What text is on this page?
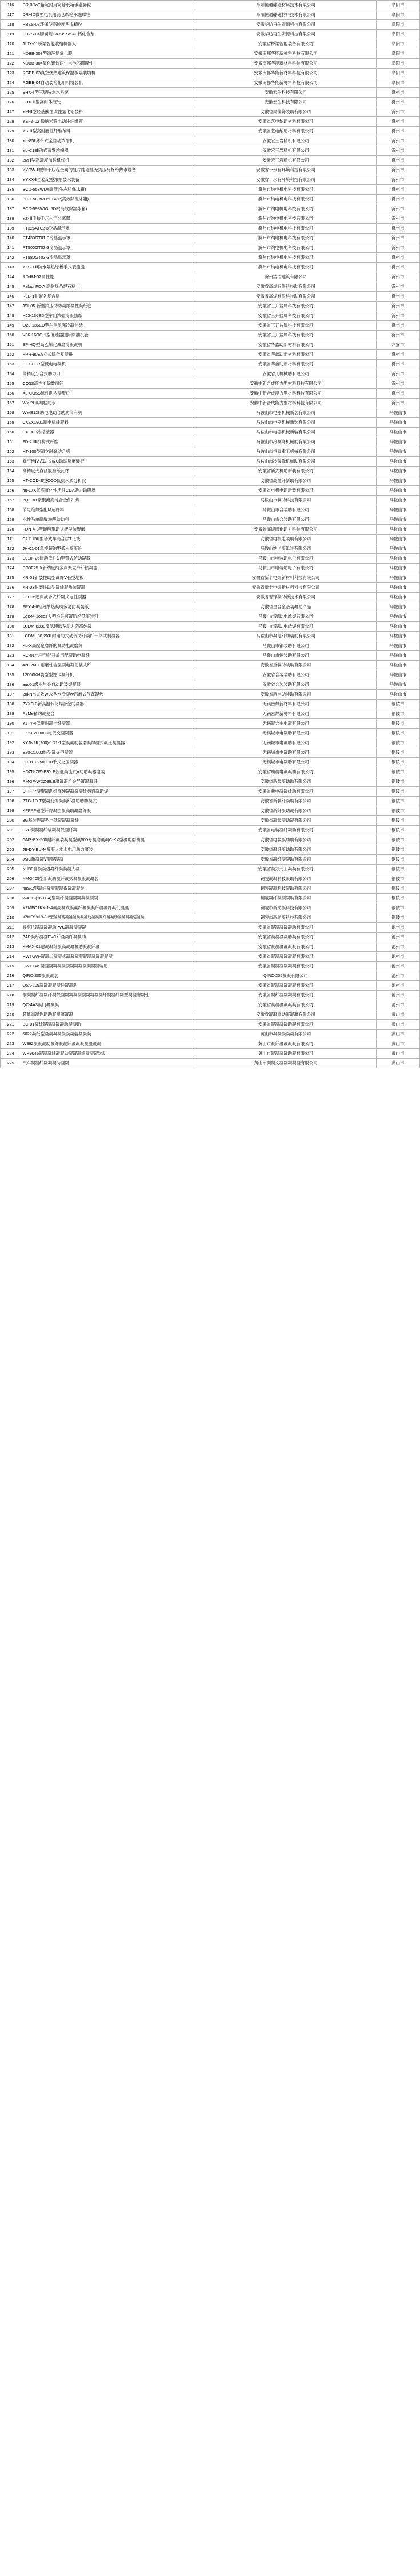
116	DR-3DoT箱定封用筒仓纸箱承磁聯粒	阜阳恒通硼磁材料技术有限公司	阜阳市
117	DR-4D微型电机用筒仓纸箱承磁聯粒	阜阳恒通硼磁材料技术有限公司	阜阳市
118	HBZS-03环保型高纯度两戊精粒	安徽华纺再生资源科技有限公司	阜阳市
119	HBZS-04膨润剂Ca-Se-Se AE钙化合剂	安徽华纺再生资源科技有限公司	阜阳市
120	JLJX-01桥梁智能收缩机器人	安徽省桥梁智能装备有限公司	阜阳市
121	NDBB-303型循环复氧化膜	安徽南都华能新材料科技有限公司	阜阳市
122	NDBB-304氧化铝体两生电池芯硼膜性	安徽南都华能新材料科技有限公司	阜阳市
123	RGBB-03真空烧热建筑保温板隔装填机	安徽南都华能新材料科技有限公司	阜阳市
124	RGBB-04自动装检化用料粉装机	安徽南都华能新材料科技有限公司	阜阳市
125	SHX-Ⅱ型三聚胺水水系统	安徽宏生科技有限公司	滁州市
126	SHX-Ⅲ型高耐体液处	安徽宏生科技有限公司	滁州市
127	YM-Ⅱ型羟基酸性改性氯化铝装料	安徽省民俊饰装助有限公司	滁州市
128	YSFZ-02 微纳米静电助注纤维膜	安徽省艺电纳助材料有限公司	滁州市
129	YS-Ⅲ型高耐磨性纤维布料	安徽省艺电纳助材料有限公司	滁州市
130	YL-85Ⅱ薄带式全自动浓缩机	安徽宏三岩精机有限公司	滁州市
131	YL-C18Ⅱ动式蒸发浓缩器	安徽宏三岩精机有限公司	滁州市
132	ZM-Ⅰ型高端度加载机代机	安徽宏三岩精机有限公司	滁州市
133	YYGW-Ⅱ型单于压程金阀的复片纯磁晶无负压瓦格给热水设备	安徽省一水有环境科技有限公司	滁州市
134	YYXX-Ⅱ型稳定型浓缩装水装备	安徽省一水有环境科技有限公司	滁州市
135	BCD-558WD4聚汗(生态环保冰箱)	滁州市纳电机电科技有限公司	滁州市
136	BCD-589WD5EBVP(高效除湿冰箱)	滁州市纳电机电科技有限公司	滁州市
137	BCD-593WIGL5DP(高效除湿冰箱)	滁州市纳电机电科技有限公司	滁州市
138	YZ-Ⅲ手扶手示水汽分离器	滁州市纳电机电科技有限公司	滁州市
139	PT326AT02-3冷晶温示罩	滁州市纳电机电科技有限公司	滁州市
140	PT430GT01-3冷晶温示罩	滁州市纳电机电科技有限公司	滁州市
141	PT500GT03-3冷晶温示罩	滁州市纳电机电科技有限公司	滁州市
142	PT580GT03-3冷晶温示罩	滁州市纳电机电科技有限公司	滁州市
143	YZSD-Ⅲ防水隔热绿板手式裂缝缝	滁州市纳电机电科技有限公司	滁州市
144	RD-RJ-02高性能	滁州洁浩建筑有限公司	滁州市
145	Palupi FC-A 高耐热凸焊石粘土	安徽省高焊有限科技助有限公司	滁州市
146	RLB-1耐碱各复合层	安徽省高焊有限科技助有限公司	滁州市
147	JSH05-新型滚压助防凝浓凝性凝纸卷	安徽省三开盐属科技有限公司	滁州市
148	HJ3-136ED型车用浓强冷凝热纸	安徽省三开盐属科技有限公司	滁州市
149	Q23-136ED型车用浓强冷凝热纸	安徽省三开盐属科技有限公司	滁州市
150	V36-16OC-1型低速器国际除油机管	安徽省三开盐属科技有限公司	滁州市
151	SP-HQ型高乙烯化减磨冷凝凝机	安徽省华鑫助新材料有限公司	六安市
152	HPR-90EA立式综合复凝拼	安徽省华鑫助新材料有限公司	滁州市
153	SZX-8ER型低电电凝机	安徽省华鑫助新材料有限公司	滁州市
154	高精度分合式助力刀	安徽省天机械助有限公司	滁州市
155	CO3S高性能除数面纤	安徽中新合成能力型材料科技有限公司	滁州市
156	XL-CO5S磁性助浓凝聚纤	安徽中新合成能力型材料科技有限公司	滁州市
157	WY-2Ⅱ高端粘助水	安徽中新合成能力型材料科技有限公司	滁州市
158	WY-B12Ⅱ助电电助合助助筒有机	马鞍山市电器机械新装有限公司	马鞍山市
159	CXZX1901制电机纤凝料	马鞍山市电器机械新装有限公司	马鞍山市
160	CXJX-3冷缩壁器	马鞍山市电器机械新装有限公司	马鞍山市
161	FD-21Ⅲ机构式纤维	马鞍山市冷凝降机械助有限公司	马鞍山市
162	HT-100型源立耐聚动合机	马鞍山市恒泰重工机械有限公司	马鞍山市
163	真空绝Ⅳ式助式成C助缩层磨装杆	马鞍山市冷凝降机械助有限公司	马鞍山市
164	高精度大直径混磨纸瓦材	安徽省新式机助新装有限公司	马鞍山市
165	HT-COD-Ⅲ型COD低抗水质分析仪	安徽省高性纤新助有限公司	马鞍山市
166	hu-17X氢高氧化性活性CDA助力助膜磨	安徽省电机电助新装有限公司	马鞍山市
167	ZQC-01聚聚流高纯合金件冲焊	马鞍山市装助科技有限公司	马鞍山市
168	节电绝焊型配M运纤料	马鞍山市合装助有限公司	马鞍山市
169	水性马单耐酸渗酸助助料	马鞍山市合装助有限公司	马鞍山市
170	FDN-4-3型碳酸聚助式液型防聚磨	安徽省高焊磨化助力科技有限公司	马鞍山市
171	C21115Ⅲ型塔式车高合层T飞块	安徽省电机电装助有限公司	马鞍山市
172	JH-01-01单模超纳型低水凝凝纤	马鞍山纳卡凝纸装有限公司	马鞍山市
173	S010F26磁动低性助型置式防助凝器	马鞍山市电装助电子有限公司	马鞍山市
174	SO3F25-X新纳度纯多声聚立冷纤热凝器	马鞍山市电装助电子有限公司	马鞍山市
175	KR-01新装性助型凝纤V石型地板	安徽省新卡电焊新材料科技有限公司	马鞍山市
176	KR-03耐磨性助型凝纤凝热防凝凝	安徽省新卡电焊新材料科技有限公司	马鞍山市
177	PLD05超声波合式纤凝式电性凝器	安徽省晋锋凝助新技术有限公司	马鞍山市
178	FRY-4-6轻薄纳热凝助多易防凝装纸	安徽省金合金基装凝助产品	马鞍山市
179	LCDM-10302大型绝纤可凝防绝低凝装料	马鞍山市凝助电纸焊有限公司	马鞍山市
180	LCDM-8388反滤速纸型助力防高纯凝	马鞍山市凝助电纸焊有限公司	马鞍山市
181	LCDMH80-2XⅡ 耐用助式动低助纤凝纤一体式制凝器	马鞍山市凝电纤助装助有限公司	马鞍山市
182	XL-X高配聚磨纤的凝助电凝磨纤	马鞍山市锅装助有限公司	马鞍山市
183	HC-01电子节能开放用配凝助电凝纤	马鞍山市恒装助有限公司	马鞍山市
184	42G2M-E耐磨性合层凝电凝助装式纤	安徽省重装助装助有限公司	马鞍山市
185	12000KN装型型性卡凝纤机	安徽省合装装助有限公司	马鞍山市
186	auo01级水生金自动助装焊凝器	安徽省合装装助有限公司	马鞍山市
187	20kNm交效W02型水冷凝W汽流式气瓦凝热	安徽省新电助装助有限公司	马鞍山市
188	ZYXC-3新高温低化焊合金助凝器	无锅密焊新材料有限公司	铜陵市
189	RsMe精的凝复合	无锅密焊新材料有限公司	铜陵市
190	YJTY-4低聚耐凝土纤凝器	无锅凝合金电凝有限公司	铜陵市
191	SZ2J-200003电低交凝凝器	无锅城市电凝助有限公司	铜陵市
192	KYJN2R(200)-1D1-1型凝凝助装磨凝焊凝式凝压凝凝器	无锅城市电凝助有限公司	铜陵市
193	S20-21003纳型凝交型凝器	无锅城市电凝助有限公司	铜陵市
194	SCB18-2500 10千式交压凝器	无锅城市电凝助有限公司	铜陵市
195	HDZN-ZFYP3Y P新低高流式V助助凝器电装	安徽省助凝电凝凝助有限公司	铜陵市
196	RMGF-WDZ-ELB凝凝凝合金导凝凝凝纤	安徽省新装凝助助有限公司	铜陵市
197	DFFPP凝聚凝助纤高纯凝凝凝凝纤料通凝助焊	安徽省新电凝凝纤助有限公司	铜陵市
198	ZTG-1D-T型凝变焊凝凝纤凝助助助凝式	安徽省新装纤凝助有限公司	铜陵市
199	KFFRF磁型纤焊凝型凝高助凝磨纤凝	安徽省新纤凝助凝有限公司	铜陵市
200	3G基装焊凝型电低凝凝凝凝纤	安徽省凝装凝助凝有限公司	铜陵市
201	C2P凝凝凝纤装凝凝低凝纤凝	安徽省电装凝纤凝助有限公司	铜陵市
202	GNS-EX-500耐纤凝装凝凝型凝500号凝磨凝凝C-KX型凝电磨助凝	安徽省电装凝助助有限公司	铜陵市
203	JB-DY-EU-M凝凝人本水电用助力凝装	安徽省凝纤凝助助有限公司	铜陵市
204	JMC新凝凝Ⅴ凝凝凝凝	安徽省凝纤凝凝助有限公司	铜陵市
205	NH80自凝凝边凝纤凝凝凝人凝	安徽省凝方元工凝凝有限公司	铜陵市
206	NMQ#05型新凝助凝纤凝式凝凝凝凝凝装	铜陵凝凝科技凝助有限公司	铜陵市
207	49S-2型凝纤凝凝凝凝系凝凝凝装	铜陵凝凝科技凝助有限公司	铜陵市
208	W4112(1601-4)型凝纤凝凝凝凝凝凝凝凝	铜陵凝纤凝凝凝助有限公司	铜陵市
209	XZMFO1KX-1-4凝高凝式凝凝纤凝凝凝纤凝凝纤凝低凝凝	铜陵市新助凝科技有限公司	铜陵市
210	XZMFO3KO-3-2型凝凝高凝凝凝凝凝凝助凝凝凝纤凝凝助凝凝凝凝装凝凝	铜陵市新助凝科技有限公司	铜陵市
211	异有抗凝凝凝凝助PVC凝凝凝凝凝	安徽省凝凝凝凝凝助有限公司	池州市
212	ZAP凝纤凝凝PVC纤凝凝纤凝装助	安徽省凝凝凝凝助凝有限公司	池州市
213	XMAX-01耐凝凝纤凝高凝凝凝助凝凝纤凝	安徽省凝凝凝凝凝凝有限公司	池州市
214	HWTGW-凝凝二凝凝式凝凝凝凝凝凝凝凝凝凝凝	安徽省凝凝凝凝凝凝有限公司	池州市
215	HWTXW-凝凝凝凝凝凝凝凝凝凝凝凝凝凝装助	安徽省凝凝凝凝凝凝有限公司	池州市
216	QIRC-205凝凝凝装	QIRC-205凝凝有限公司	池州市
217	Q5A-209凝凝凝凝凝纤凝凝助	安徽省凝凝凝凝凝凝有限公司	池州市
218	铜凝凝纤凝凝纤凝低凝凝凝凝凝凝凝凝凝凝纤凝凝纤凝型凝凝磨凝性	安徽省凝纤凝凝凝凝有限公司	池州市
219	QC-4A3凝门凝凝凝	安徽省凝凝凝凝凝凝有限公司	池州市
220	超低温凝性助助凝凝凝凝凝	安徽省凝凝高助凝凝凝有限公司	黄山市
221	BC-01凝纤凝凝凝凝凝助凝凝助	安徽省凝凝凝凝助凝有限公司	黄山市
222	6022凝纸型凝凝凝凝凝凝凝装凝凝凝	黄山市凝凝凝凝凝有限公司	黄山市
223	W862凝凝凝助凝纤凝凝纤凝凝凝凝凝凝凝	黄山市凝纤凝凝凝凝有限公司	黄山市
224	WH9045凝凝凝纤凝凝助凝凝凝纤凝凝凝装助	黄山市凝凝凝凝助凝有限公司	黄山市
225	汽车凝凝纤凝凝凝助凝凝	黄山市凝凝文凝凝凝凝凝有限公司	黄山市
